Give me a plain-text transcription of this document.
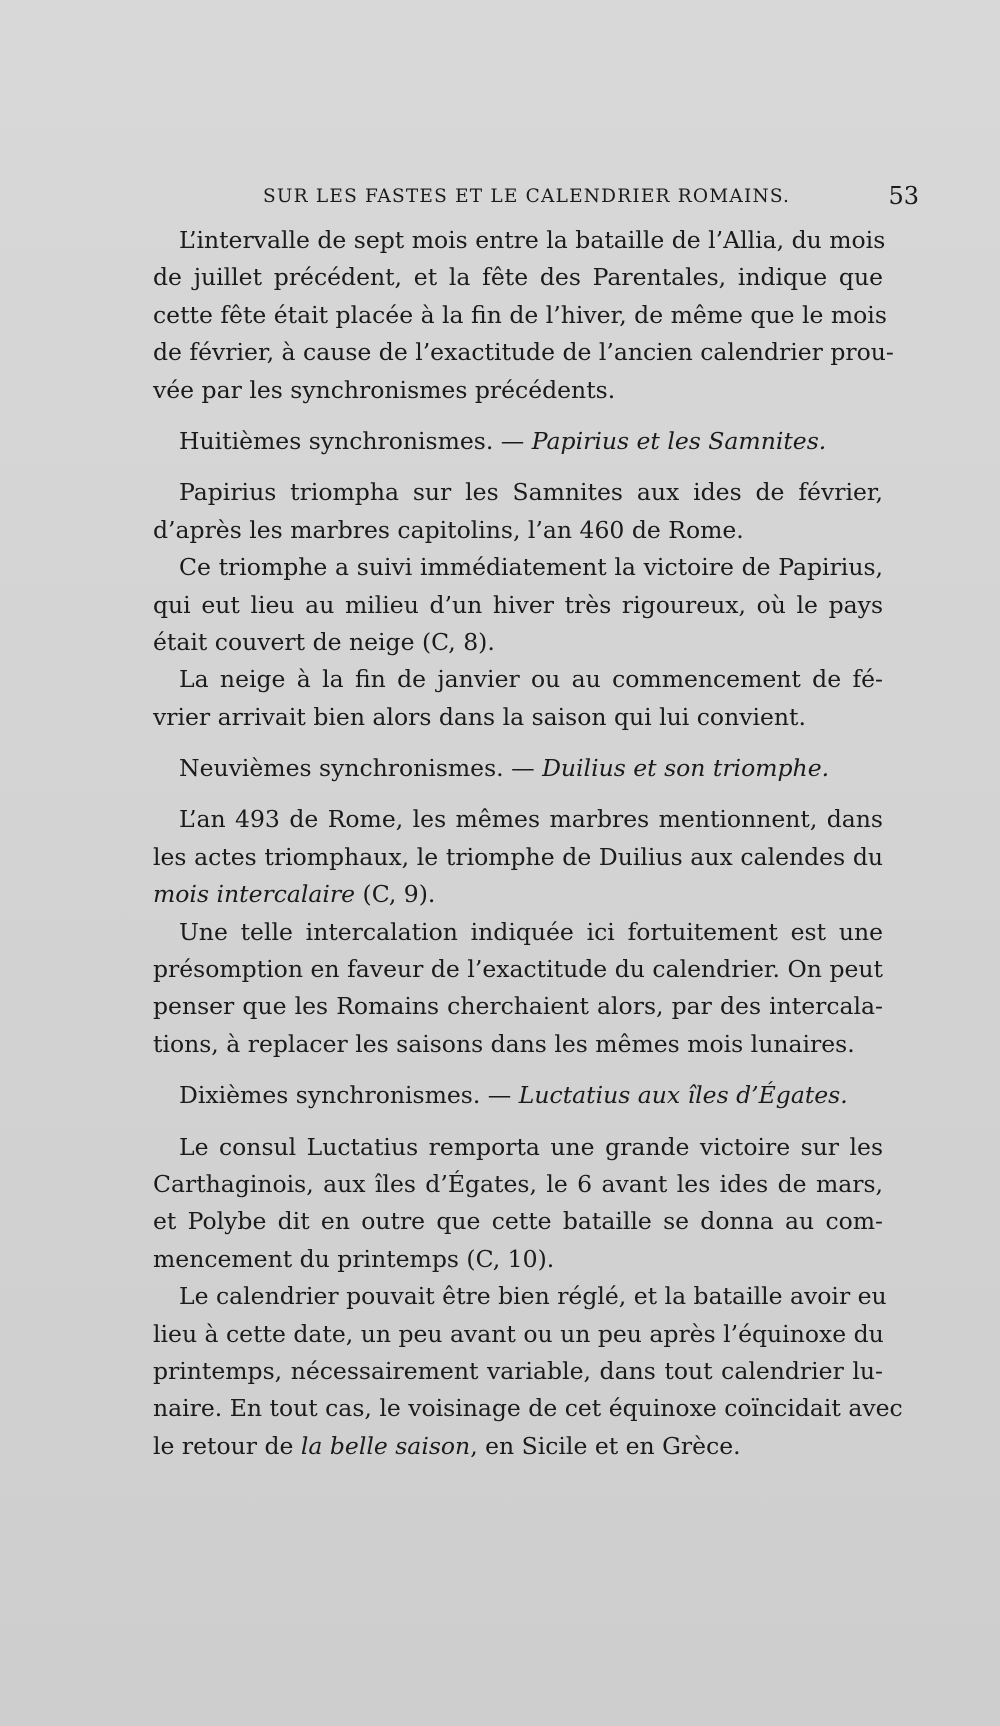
SUR LES FASTES ET LE CALENDRIER ROMAINS.	53
L’intervalle de sept mois entre la bataille de l’Allia, du mois
de juillet précédent, et la fête des Parentales, indique que
cette fête était placée à la fin de l’hiver, de même que le mois
de février, à cause de l’exactitude de l’ancien calendrier prou-
vée par les synchronismes précédents.
Huitièmes synchronismes. — Papirius et les Samnites.
Papirius triompha sur les Samnites aux ides de février,
d’après les marbres capitolins, l’an 460 de Rome.
Ce triomphe a suivi immédiatement la victoire de Papirius,
qui eut lieu au milieu d’un hiver très rigoureux, où le pays
était couvert de neige (C, 8).
La neige à la fin de janvier ou au commencement de fé-
vrier arrivait bien alors dans la saison qui lui convient.
Neuvièmes synchronismes. — Duilius et son triomphe.
L’an 493 de Rome, les mêmes marbres mentionnent, dans
les actes triomphaux, le triomphe de Duilius aux calendes du
mois intercalaire (C, 9).
Une telle intercalation indiquée ici fortuitement est une
présomption en faveur de l’exactitude du calendrier. On peut
penser que les Romains cherchaient alors, par des intercala-
tions, à replacer les saisons dans les mêmes mois lunaires.
Dixièmes synchronismes. — Luctatius aux îles d’Égates.
Le consul Luctatius remporta une grande victoire sur les
Carthaginois, aux îles d’Égates, le 6 avant les ides de mars,
et Polybe dit en outre que cette bataille se donna au com-
mencement du printemps (C, 10).
Le calendrier pouvait être bien réglé, et la bataille avoir eu
lieu à cette date, un peu avant ou un peu après l’équinoxe du
printemps, nécessairement variable, dans tout calendrier lu-
naire. En tout cas, le voisinage de cet équinoxe coïncidait avec
le retour de la belle saison, en Sicile et en Grèce.
